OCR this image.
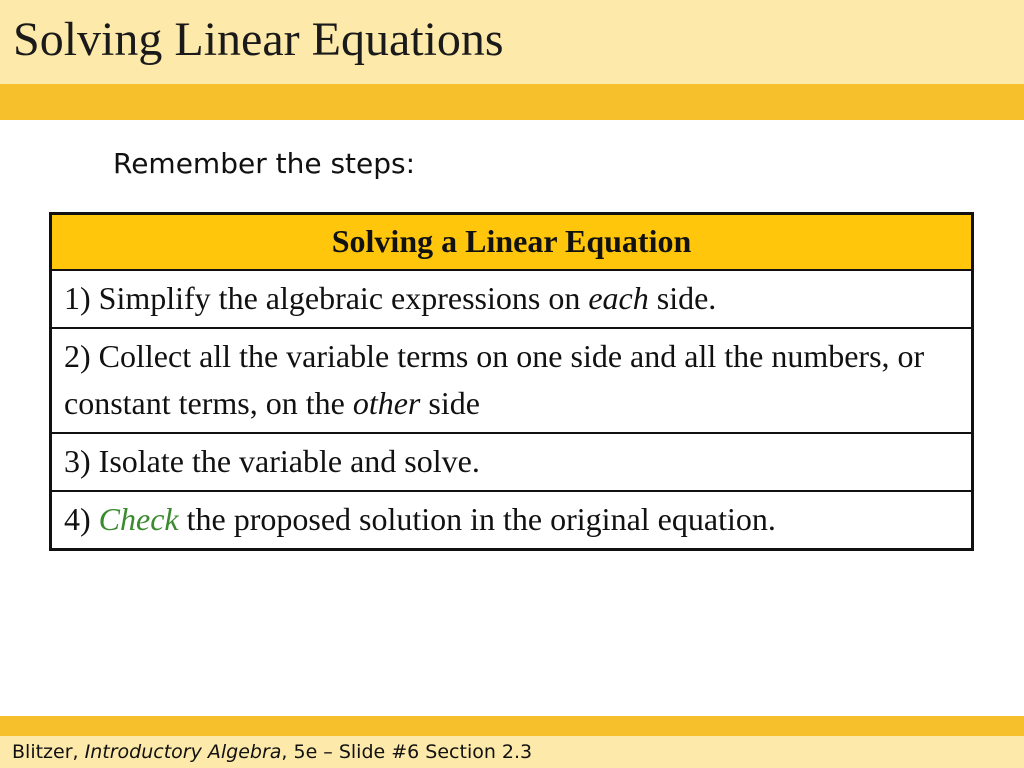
Solving Linear Equations
Remember the steps:
Solving a Linear Equation
1) Simplify the algebraic expressions on each side.
2) Collect all the variable terms on one side and all the numbers, or constant terms, on the other side
3) Isolate the variable and solve.
4) Check the proposed solution in the original equation.
Blitzer, Introductory Algebra, 5e – Slide #6 Section 2.3
